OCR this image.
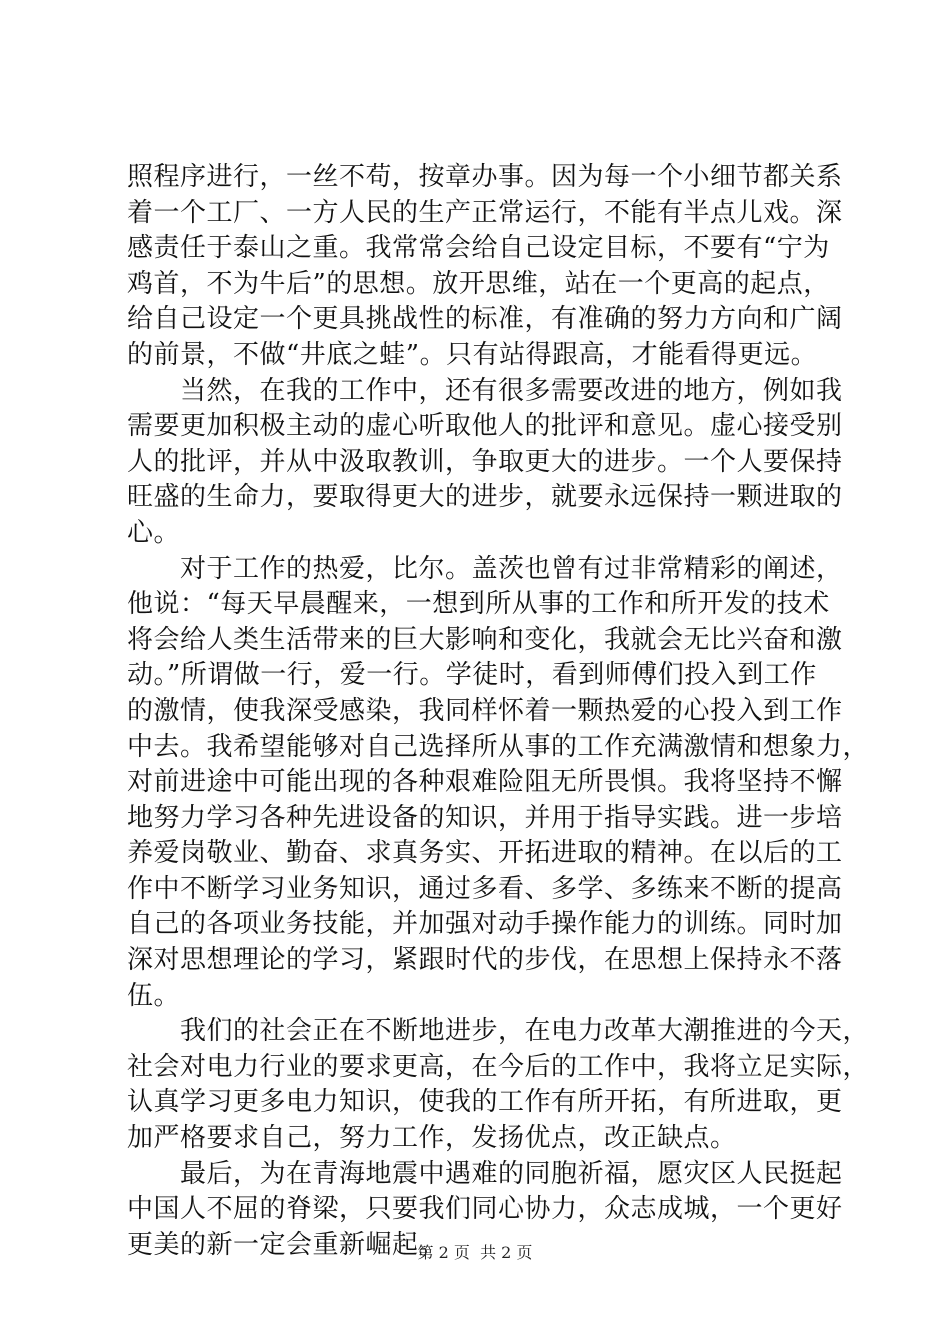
照程序进行，一丝不苟，按章办事。因为每一个小细节都关系
着一个工厂、一方人民的生产正常运行，不能有半点儿戏。深
感责任于泰山之重。我常常会给自己设定目标，不要有“宁为
鸡首，不为牛后”的思想。放开思维，站在一个更高的起点，
给自己设定一个更具挑战性的标准，有准确的努力方向和广阔
的前景，不做“井底之蛙”。只有站得跟高，才能看得更远。
　　当然，在我的工作中，还有很多需要改进的地方，例如我
需要更加积极主动的虚心听取他人的批评和意见。虚心接受别
人的批评，并从中汲取教训，争取更大的进步。一个人要保持
旺盛的生命力，要取得更大的进步，就要永远保持一颗进取的
心。
　　对于工作的热爱，比尔。盖茨也曾有过非常精彩的阐述，
他说：“每天早晨醒来，一想到所从事的工作和所开发的技术
将会给人类生活带来的巨大影响和变化，我就会无比兴奋和激
动。”所谓做一行，爱一行。学徒时，看到师傅们投入到工作
的激情，使我深受感染，我同样怀着一颗热爱的心投入到工作
中去。我希望能够对自己选择所从事的工作充满激情和想象力，
对前进途中可能出现的各种艰难险阻无所畏惧。我将坚持不懈
地努力学习各种先进设备的知识，并用于指导实践。进一步培
养爱岗敬业、勤奋、求真务实、开拓进取的精神。在以后的工
作中不断学习业务知识，通过多看、多学、多练来不断的提高
自己的各项业务技能，并加强对动手操作能力的训练。同时加
深对思想理论的学习，紧跟时代的步伐，在思想上保持永不落
伍。
　　我们的社会正在不断地进步，在电力改革大潮推进的今天，
社会对电力行业的要求更高，在今后的工作中，我将立足实际，
认真学习更多电力知识，使我的工作有所开拓，有所进取，更
加严格要求自己，努力工作，发扬优点，改正缺点。
　　最后，为在青海地震中遇难的同胞祈福，愿灾区人民挺起
中国人不屈的脊梁，只要我们同心协力，众志成城，一个更好
更美的新一定会重新崛起。
第 2 页  共 2 页
